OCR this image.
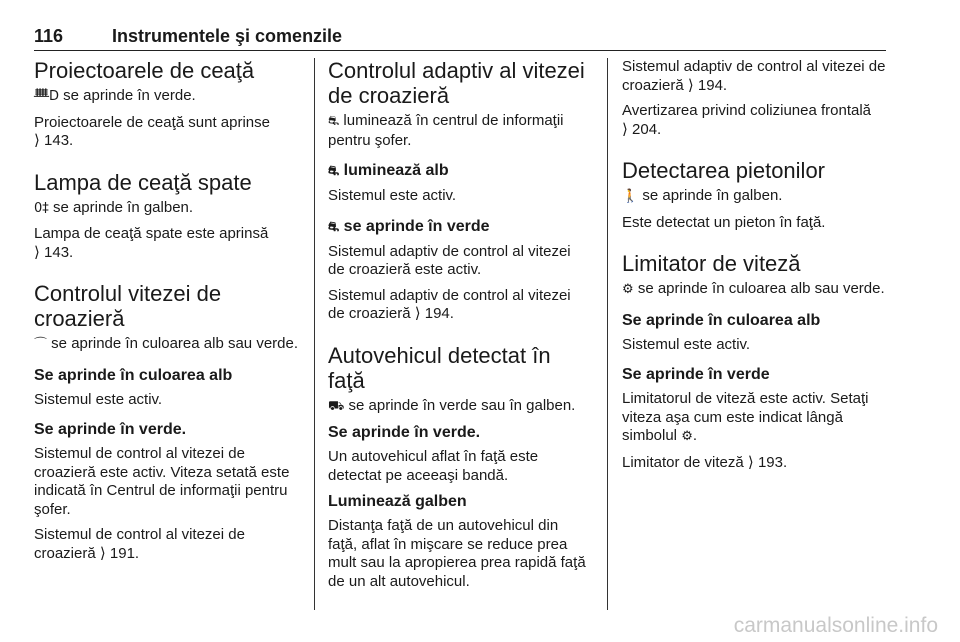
116	Instrumentele şi comenzile
Proiectoarele de ceaţă

ᚙD se aprinde în verde.

Proiectoarele de ceaţă sunt aprinse
⟩ 143.

Lampa de ceaţă spate

0‡ se aprinde în galben.

Lampa de ceaţă spate este aprinsă
⟩ 143.

Controlul vitezei de croazieră

⌒ se aprinde în culoarea alb sau verde.

Se aprinde în culoarea alb

Sistemul este activ.

Se aprinde în verde.

Sistemul de control al vitezei de croazieră este activ. Viteza setată este indicată în Centrul de informaţii pentru şofer.

Sistemul de control al vitezei de croazieră ⟩ 191.

Controlul adaptiv al vitezei de croazieră

⛐ luminează în centrul de informaţii pentru şofer.

⛐ luminează alb

Sistemul este activ.

⛐ se aprinde în verde

Sistemul adaptiv de control al vitezei de croazieră este activ.

Sistemul adaptiv de control al vitezei de croazieră ⟩ 194.

Autovehicul detectat în faţă

⛟ se aprinde în verde sau în galben.

Se aprinde în verde.

Un autovehicul aflat în faţă este detectat pe aceeaşi bandă.

Luminează galben

Distanţa faţă de un autovehicul din faţă, aflat în mişcare se reduce prea mult sau la apropierea prea rapidă faţă de un alt autovehicul.

Sistemul adaptiv de control al vitezei de croazieră ⟩ 194.

Avertizarea privind coliziunea frontală
⟩ 204.

Detectarea pietonilor

🚶 se aprinde în galben.

Este detectat un pieton în faţă.

Limitator de viteză

⚙ se aprinde în culoarea alb sau verde.

Se aprinde în culoarea alb

Sistemul este activ.

Se aprinde în verde

Limitatorul de viteză este activ. Setaţi viteza aşa cum este indicat lângă simbolul ⚙.

Limitator de viteză ⟩ 193.

carmanualsonline.info
